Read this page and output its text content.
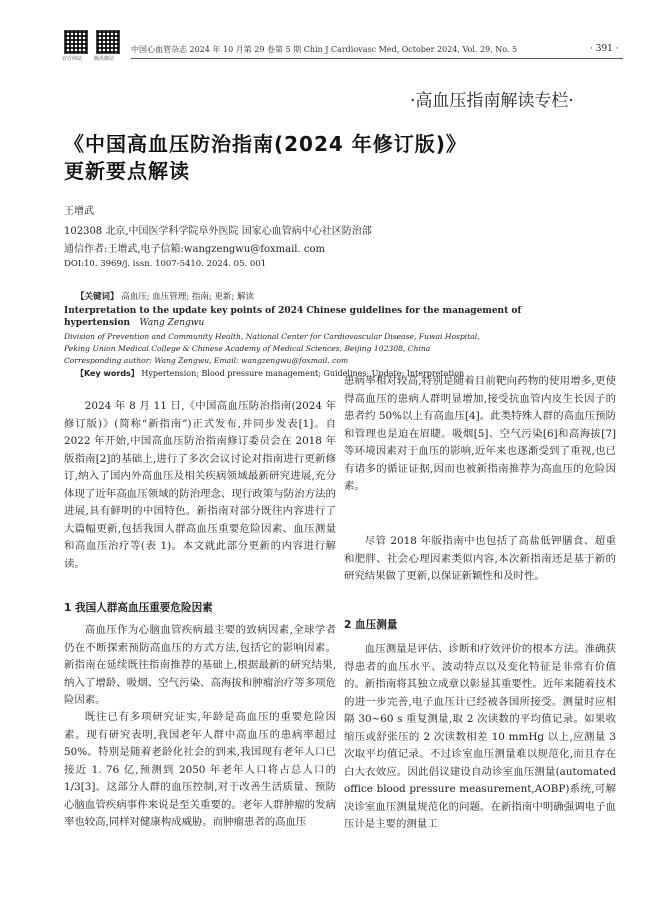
官方网站 腾讯微信
中国心血管杂志 2024 年 10 月第 29 卷第 5 期 Chin J Cardiovasc Med, October 2024, Vol. 29, No. 5	· 391 ·
·高血压指南解读专栏·
《中国高血压防治指南(2024 年修订版)》
更新要点解读
王增武
102308 北京,中国医学科学院阜外医院 国家心血管病中心社区防治部
通信作者:王增武,电子信箱:wangzengwu@foxmail. com
DOI:10. 3969/j. issn. 1007-5410. 2024. 05. 001
【关键词】 高血压; 血压管理; 指南; 更新; 解读
Interpretation to the update key points of 2024 Chinese guidelines for the management of hypertension Wang Zengwu
Division of Prevention and Community Health, National Center for Cardiovascular Disease, Fuwai Hospital,
Peking Union Medical College & Chinese Academy of Medical Sciences, Beijing 102308, China
Corresponding author: Wang Zengwu, Email: wangzengwu@foxmail. com
【Key words】 Hypertension; Blood pressure management; Guidelines; Update; Interpretation
2024 年 8 月 11 日,《中国高血压防治指南(2024 年修订版)》(简称“新指南”)正式发布,并同步发表[1]。自 2022 年开始,中国高血压防治指南修订委员会在 2018 年版指南[2]的基础上,进行了多次会议讨论对指南进行更新修订,纳入了国内外高血压及相关疾病领域最新研究进展,充分体现了近年高血压领域的防治理念、现行政策与防治方法的进展,具有鲜明的中国特色。新指南对部分既往内容进行了大篇幅更新,包括我国人群高血压重要危险因素、血压测量和高血压治疗等(表 1)。本文就此部分更新的内容进行解读。
1 我国人群高血压重要危险因素
高血压作为心脑血管疾病最主要的致病因素,全球学者仍在不断探索预防高血压的方式方法,包括它的影响因素。新指南在延续既往指南推荐的基础上,根据最新的研究结果,纳入了增龄、吸烟、空气污染、高海拔和肿瘤治疗等多项危险因素。
既往已有多项研究证实,年龄是高血压的重要危险因素。现有研究表明,我国老年人群中高血压的患病率超过 50%。特别是随着老龄化社会的到来,我国现有老年人口已接近 1. 76 亿,预测到 2050 年老年人口将占总人口的 1/3[3]。这部分人群的血压控制,对于改善生活质量、预防心脑血管疾病事件来说是至关重要的。老年人群肿瘤的发病率也较高,同样对健康构成威胁。而肿瘤患者的高血压
患病率相对较高,特别是随着目前靶向药物的使用增多,更使得高血压的患病人群明显增加,接受抗血管内皮生长因子的患者约 50%以上有高血压[4]。此类特殊人群的高血压预防和管理也是迫在眉睫。吸烟[5]、空气污染[6]和高海拔[7]等环境因素对于血压的影响,近年来也逐渐受到了重视,也已有诸多的循证证据,因而也被新指南推荐为高血压的危险因素。
尽管 2018 年版指南中也包括了高盐低钾膳食、超重和肥胖、社会心理因素类似内容,本次新指南还是基于新的研究结果做了更新,以保证新颖性和及时性。
2 血压测量
血压测量是评估、诊断和疗效评价的根本方法。准确获得患者的血压水平、波动特点以及变化特征是非常有价值的。新指南将其独立成章以彰显其重要性。近年来随着技术的进一步完善,电子血压计已经被各国所接受。测量时应相隔 30~60 s 重复测量,取 2 次读数的平均值记录。如果收缩压或舒张压的 2 次读数相差 10 mmHg 以上,应测量 3 次取平均值记录。不过诊室血压测量难以规范化,而且存在白大衣效应。因此倡议建设自动诊室血压测量(automated office blood pressure measurement,AOBP)系统,可解决诊室血压测量规范化的问题。在新指南中明确强调电子血压计是主要的测量工
